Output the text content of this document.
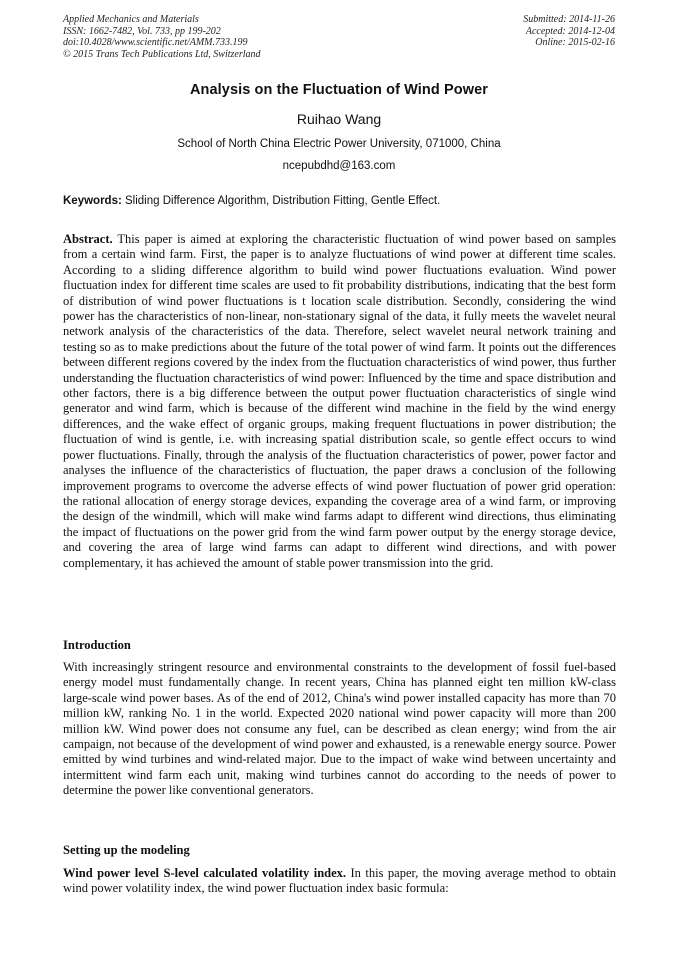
Applied Mechanics and Materials
ISSN: 1662-7482, Vol. 733, pp 199-202
doi:10.4028/www.scientific.net/AMM.733.199
© 2015 Trans Tech Publications Ltd, Switzerland
Submitted: 2014-11-26
Accepted: 2014-12-04
Online: 2015-02-16
Analysis on the Fluctuation of Wind Power
Ruihao Wang
School of North China Electric Power University, 071000, China
ncepubdhd@163.com
Keywords: Sliding Difference Algorithm, Distribution Fitting, Gentle Effect.

Abstract. This paper is aimed at exploring the characteristic fluctuation of wind power based on samples from a certain wind farm. First, the paper is to analyze fluctuations of wind power at different time scales. According to a sliding difference algorithm to build wind power fluctuations evaluation. Wind power fluctuation index for different time scales are used to fit probability distributions, indicating that the best form of distribution of wind power fluctuations is t location scale distribution. Secondly, considering the wind power has the characteristics of non-linear, non-stationary signal of the data, it fully meets the wavelet neural network analysis of the characteristics of the data. Therefore, select wavelet neural network training and testing so as to make predictions about the future of the total power of wind farm. It points out the differences between different regions covered by the index from the fluctuation characteristics of wind power, thus further understanding the fluctuation characteristics of wind power: Influenced by the time and space distribution and other factors, there is a big difference between the output power fluctuation characteristics of single wind generator and wind farm, which is because of the different wind machine in the field by the wind energy differences, and the wake effect of organic groups, making frequent fluctuations in power distribution; the fluctuation of wind is gentle, i.e. with increasing spatial distribution scale, so gentle effect occurs to wind power fluctuations. Finally, through the analysis of the fluctuation characteristics of power, power factor and analyses the influence of the characteristics of fluctuation, the paper draws a conclusion of the following improvement programs to overcome the adverse effects of wind power fluctuation of power grid operation: the rational allocation of energy storage devices, expanding the coverage area of a wind farm, or improving the design of the windmill, which will make wind farms adapt to different wind directions, thus eliminating the impact of fluctuations on the power grid from the wind farm power output by the energy storage device, and covering the area of large wind farms can adapt to different wind directions, and with power complementary, it has achieved the amount of stable power transmission into the grid.

Introduction

With increasingly stringent resource and environmental constraints to the development of fossil fuel-based energy model must fundamentally change. In recent years, China has planned eight ten million kW-class large-scale wind power bases. As of the end of 2012, China's wind power installed capacity has more than 70 million kW, ranking No. 1 in the world. Expected 2020 national wind power capacity will more than 200 million kW. Wind power does not consume any fuel, can be described as clean energy; wind from the air campaign, not because of the development of wind power and exhausted, is a renewable energy source. Power emitted by wind turbines and wind-related major. Due to the impact of wake wind between uncertainty and intermittent wind farm each unit, making wind turbines cannot do according to the needs of power to determine the power like conventional generators.

Setting up the modeling

Wind power level S-level calculated volatility index. In this paper, the moving average method to obtain wind power volatility index, the wind power fluctuation index basic formula:
